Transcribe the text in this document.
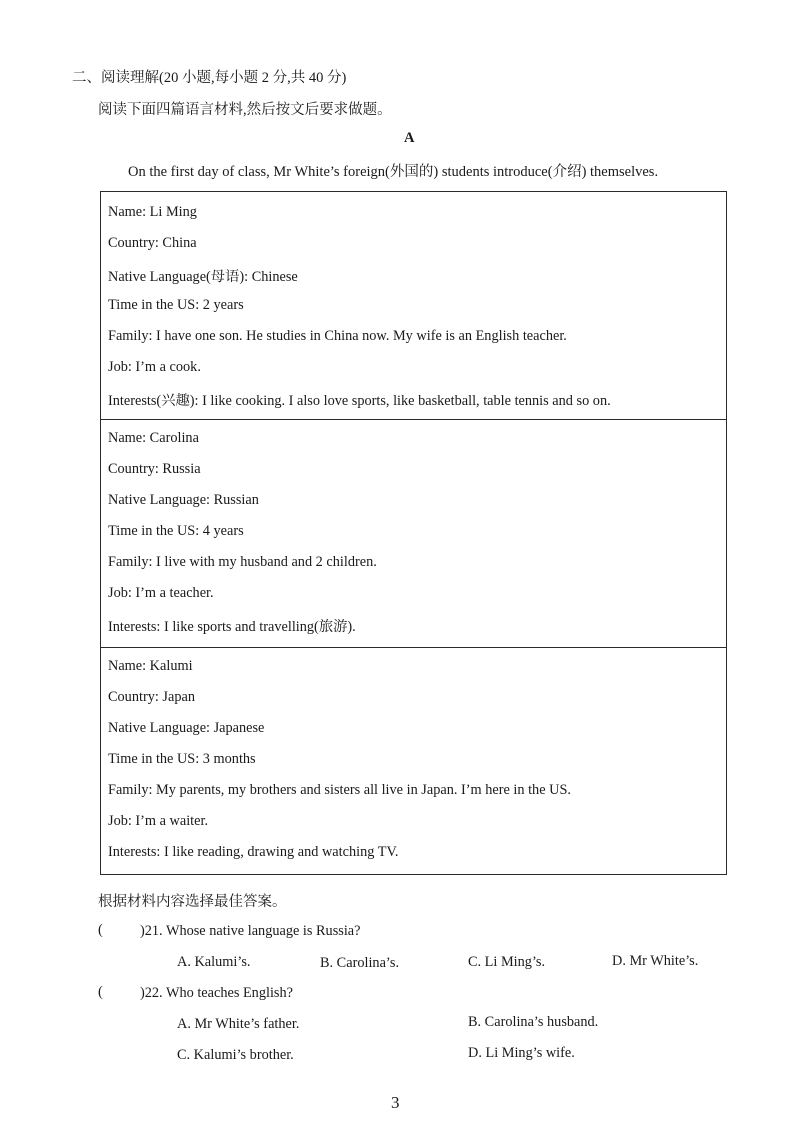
二、阅读理解(20 小题,每小题 2 分,共 40 分)
阅读下面四篇语言材料,然后按文后要求做题。
A
On the first day of class, Mr White’s foreign(外国的) students introduce(介绍) themselves.
Name: Li Ming
Country: China
Native Language(母语): Chinese
Time in the US: 2 years
Family: I have one son. He studies in China now. My wife is an English teacher.
Job: I’m a cook.
Interests(兴趣): I like cooking. I also love sports, like basketball, table tennis and so on.
Name: Carolina
Country: Russia
Native Language: Russian
Time in the US: 4 years
Family: I live with my husband and 2 children.
Job: I’m a teacher.
Interests: I like sports and travelling(旅游).
Name: Kalumi
Country: Japan
Native Language: Japanese
Time in the US: 3 months
Family: My parents, my brothers and sisters all live in Japan. I’m here in the US.
Job: I’m a waiter.
Interests: I like reading, drawing and watching TV.
根据材料内容选择最佳答案。
(	)21. Whose native language is Russia?
A. Kalumi’s.	B. Carolina’s.	C. Li Ming’s.	D. Mr White’s.
(	)22. Who teaches English?
A. Mr White’s father.	B. Carolina’s husband.
C. Kalumi’s brother.	D. Li Ming’s wife.
3
